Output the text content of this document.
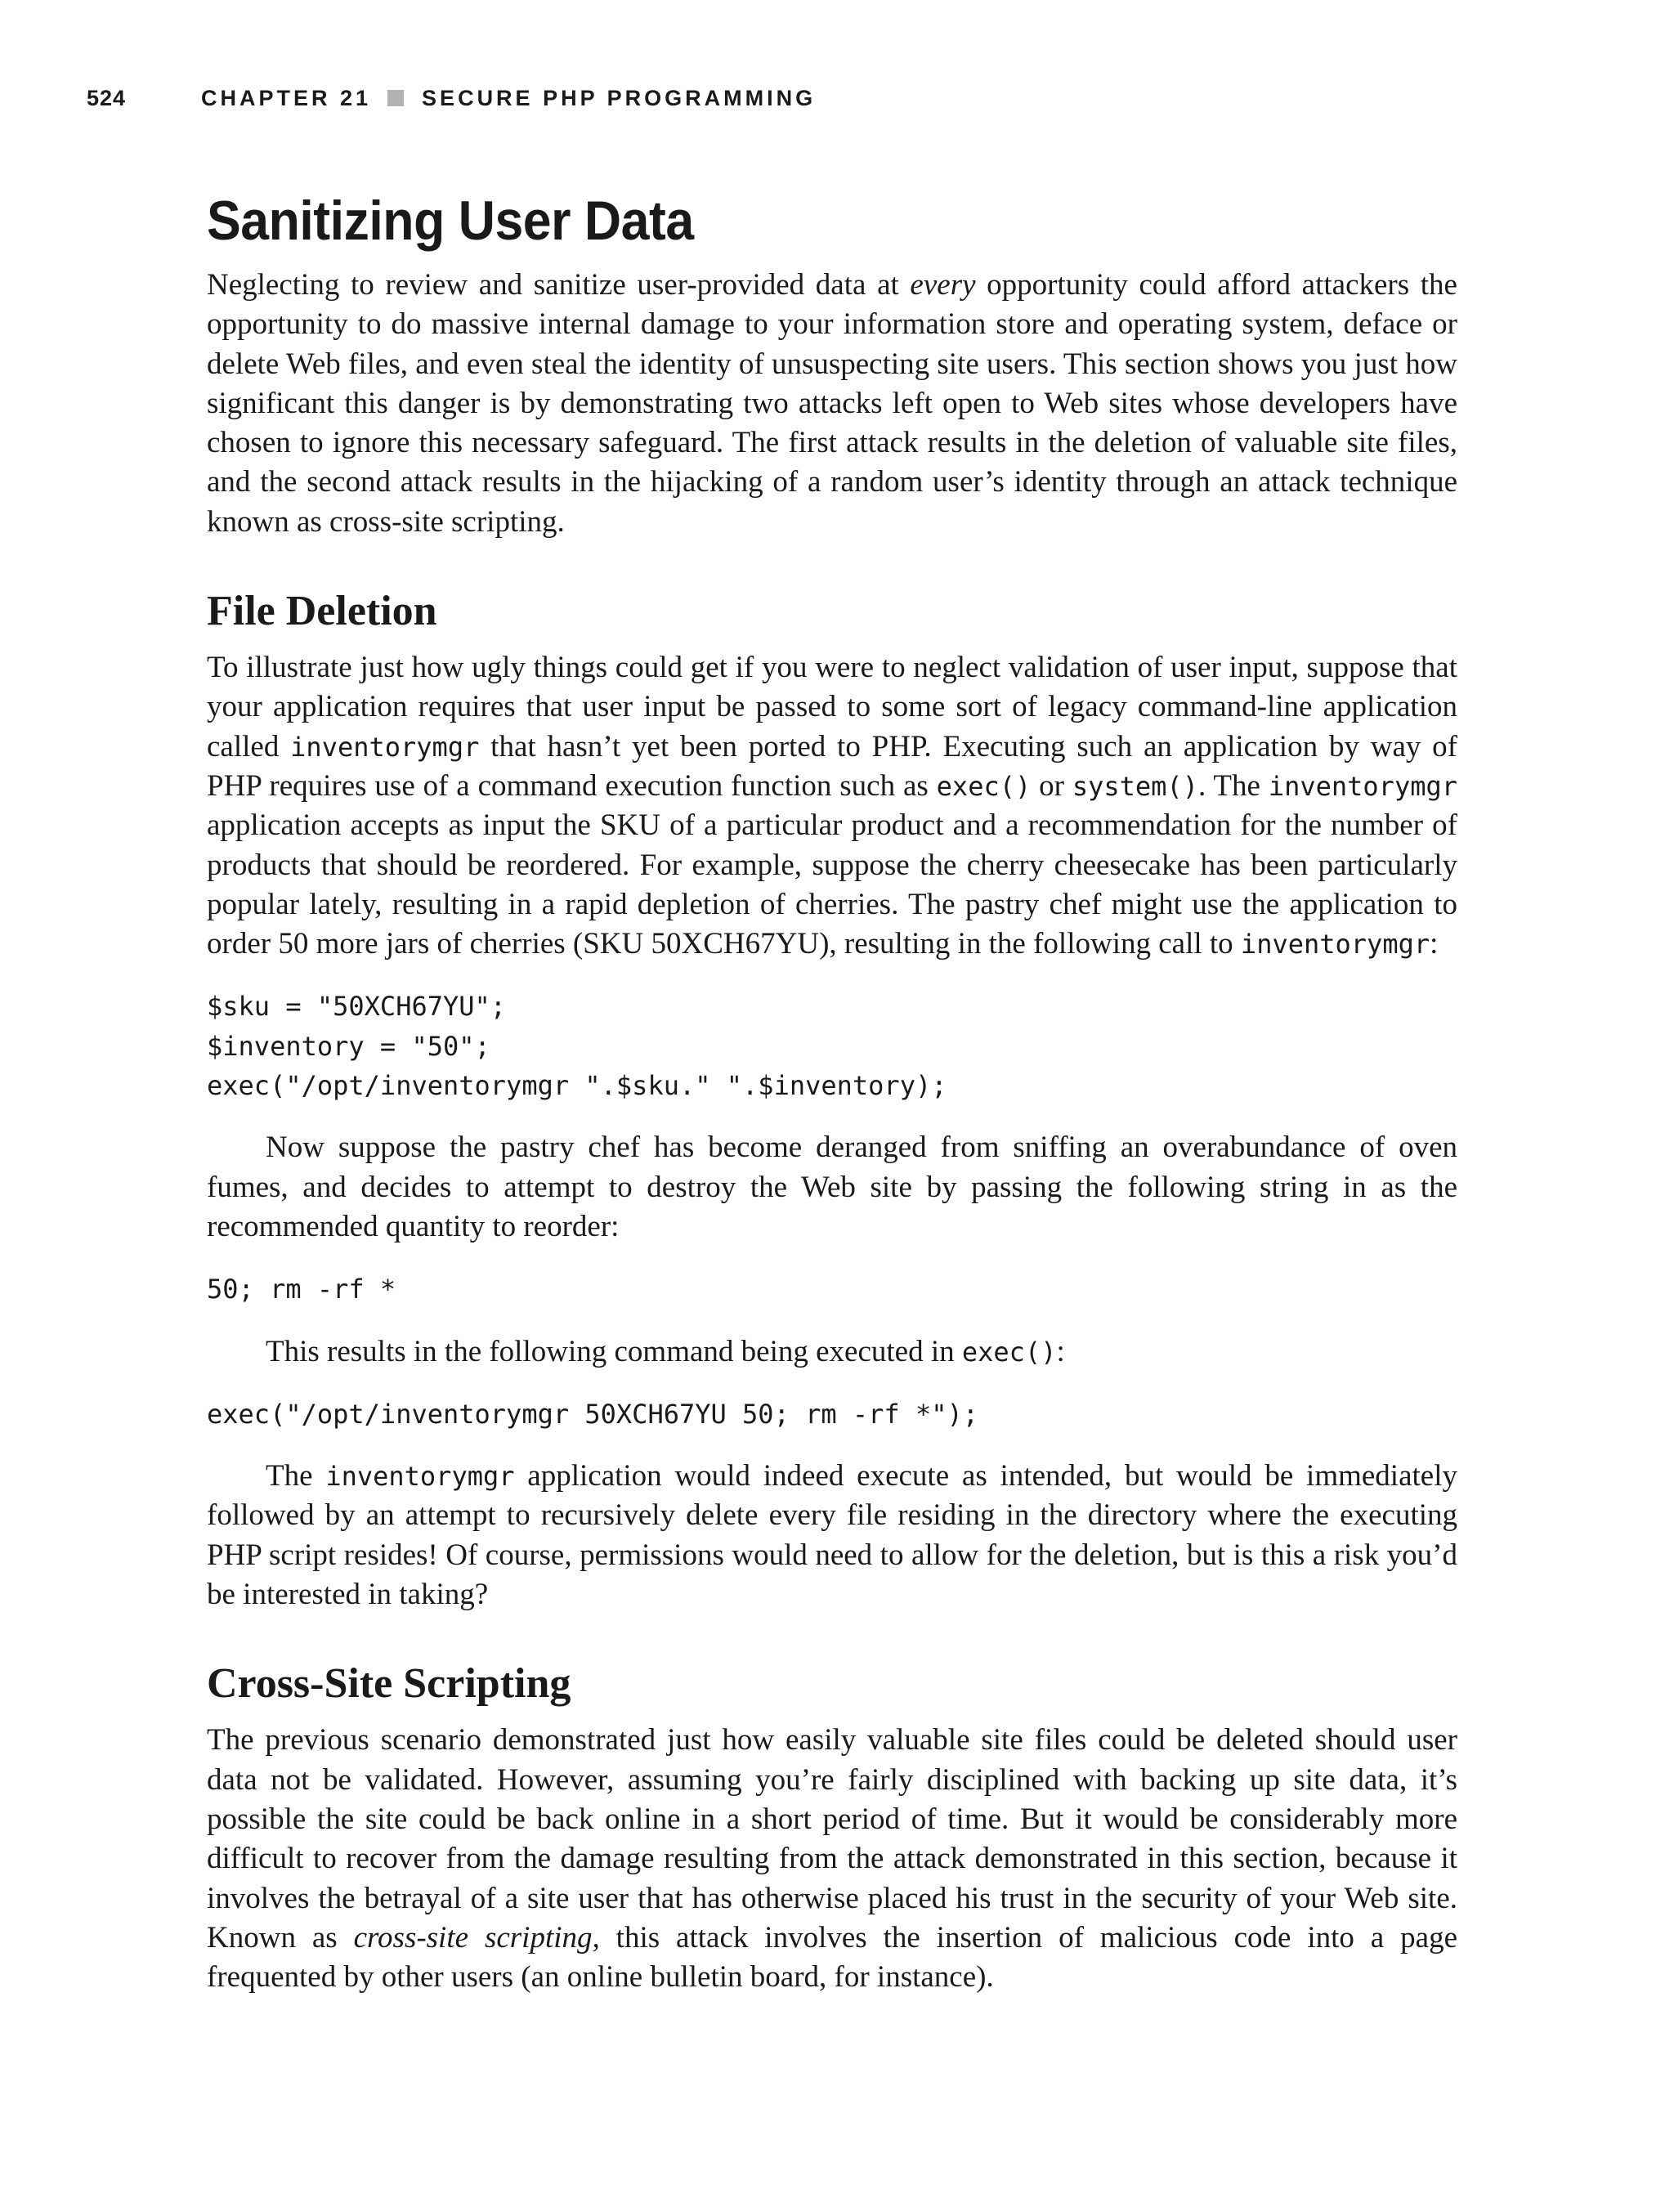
524	CHAPTER 21 SECURE PHP PROGRAMMING
Sanitizing User Data

Neglecting to review and sanitize user-provided data at every opportunity could afford attackers the opportunity to do massive internal damage to your information store and operating system, deface or delete Web files, and even steal the identity of unsuspecting site users. This section shows you just how significant this danger is by demonstrating two attacks left open to Web sites whose developers have chosen to ignore this necessary safeguard. The first attack results in the deletion of valuable site files, and the second attack results in the hijacking of a random user’s identity through an attack technique known as cross-site scripting.

File Deletion

To illustrate just how ugly things could get if you were to neglect validation of user input, suppose that your application requires that user input be passed to some sort of legacy command-line application called inventorymgr that hasn’t yet been ported to PHP. Executing such an application by way of PHP requires use of a command execution function such as exec() or system(). The inventorymgr application accepts as input the SKU of a particular product and a recommendation for the number of products that should be reordered. For example, suppose the cherry cheesecake has been particularly popular lately, resulting in a rapid depletion of cherries. The pastry chef might use the application to order 50 more jars of cherries (SKU 50XCH67YU), resulting in the following call to inventorymgr:

$sku = "50XCH67YU";
$inventory = "50";
exec("/opt/inventorymgr ".$sku." ".$inventory);

Now suppose the pastry chef has become deranged from sniffing an overabundance of oven fumes, and decides to attempt to destroy the Web site by passing the following string in as the recommended quantity to reorder:

50; rm -rf *

This results in the following command being executed in exec():

exec("/opt/inventorymgr 50XCH67YU 50; rm -rf *");

The inventorymgr application would indeed execute as intended, but would be immediately followed by an attempt to recursively delete every file residing in the directory where the executing PHP script resides! Of course, permissions would need to allow for the deletion, but is this a risk you’d be interested in taking?

Cross-Site Scripting

The previous scenario demonstrated just how easily valuable site files could be deleted should user data not be validated. However, assuming you’re fairly disciplined with backing up site data, it’s possible the site could be back online in a short period of time. But it would be considerably more difficult to recover from the damage resulting from the attack demonstrated in this section, because it involves the betrayal of a site user that has otherwise placed his trust in the security of your Web site. Known as cross-site scripting, this attack involves the insertion of malicious code into a page frequented by other users (an online bulletin board, for instance).
